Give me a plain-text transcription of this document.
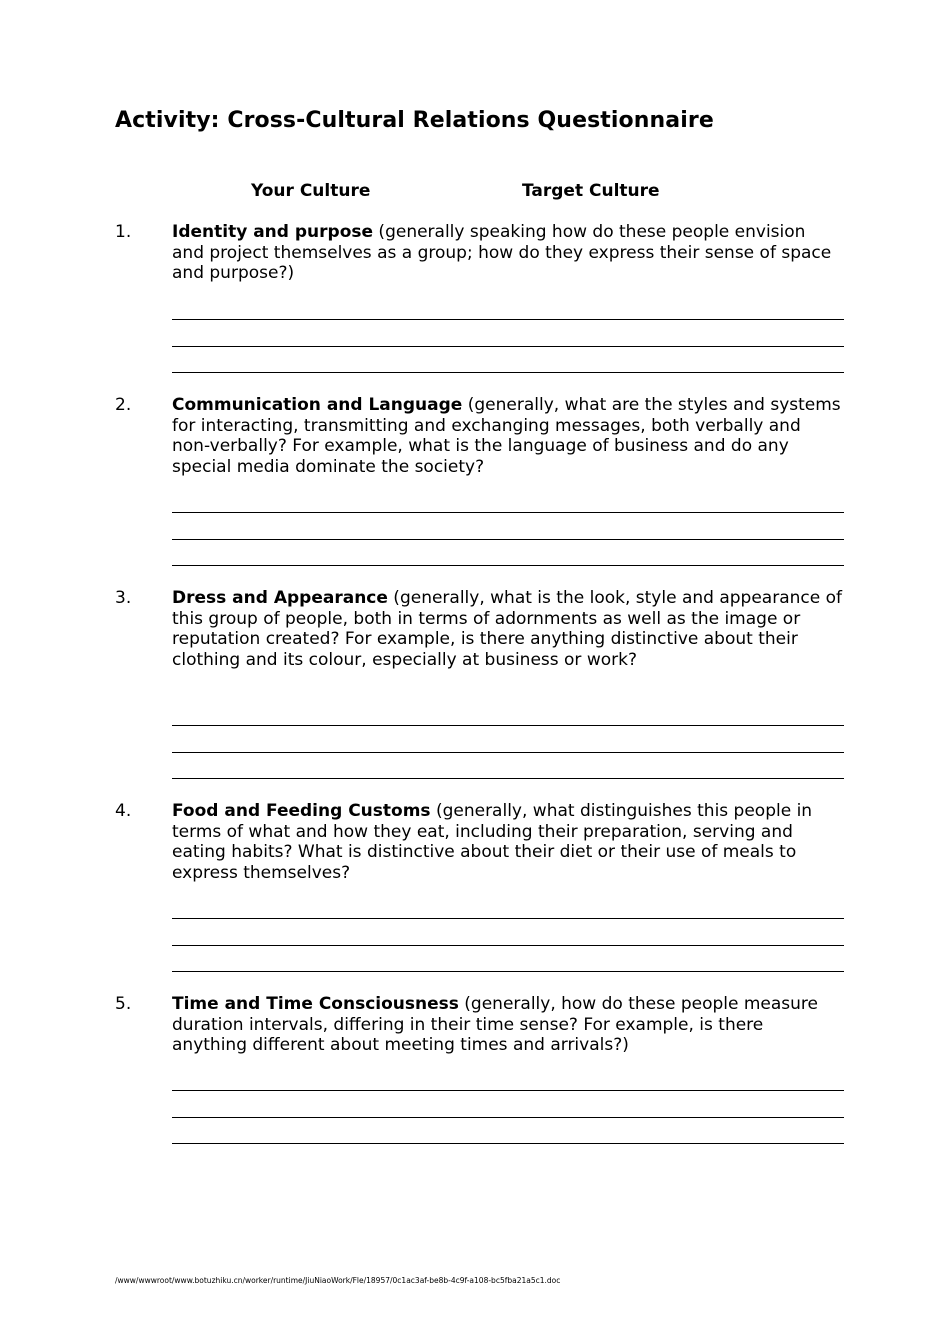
Activity: Cross-Cultural Relations Questionnaire
Your Culture	Target Culture
1. Identity and purpose (generally speaking how do these people envision and project themselves as a group; how do they express their sense of space and purpose?)
2. Communication and Language (generally, what are the styles and systems for interacting, transmitting and exchanging messages, both verbally and non-verbally? For example, what is the language of business and do any special media dominate the society?
3. Dress and Appearance (generally, what is the look, style and appearance of this group of people, both in terms of adornments as well as the image or reputation created? For example, is there anything distinctive about their clothing and its colour, especially at business or work?
4. Food and Feeding Customs (generally, what distinguishes this people in terms of what and how they eat, including their preparation, serving and eating habits? What is distinctive about their diet or their use of meals to express themselves?
5. Time and Time Consciousness (generally, how do these people measure duration intervals, differing in their time sense? For example, is there anything different about meeting times and arrivals?)
/www/wwwroot/www.botuzhiku.cn/worker/runtime/JiuNiaoWork/Fle/18957/0c1ac3af-be8b-4c9f-a108-bc5fba21a5c1.doc
